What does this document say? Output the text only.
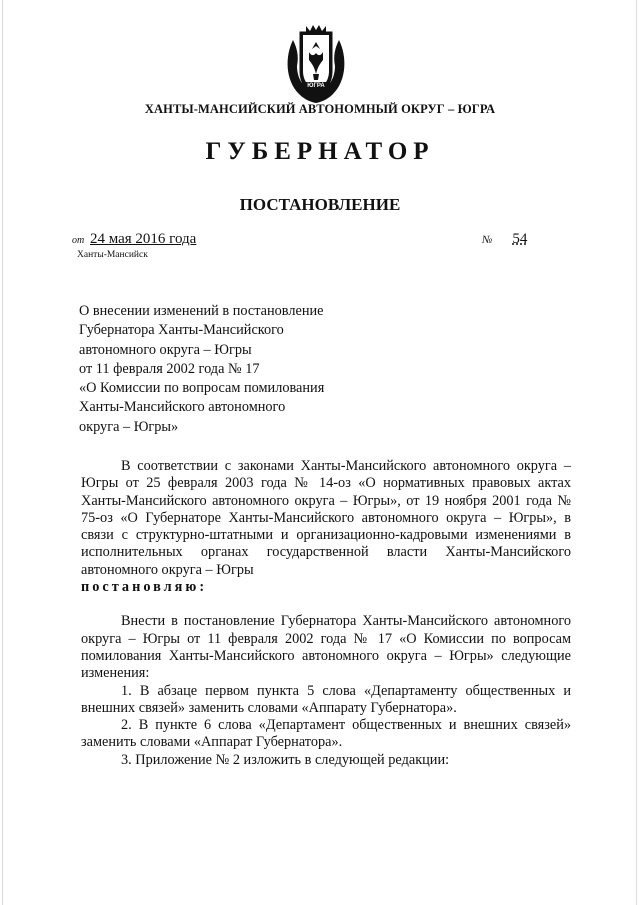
ЮГРА
ХАНТЫ-МАНСИЙСКИЙ АВТОНОМНЫЙ ОКРУГ – ЮГРА
ГУБЕРНАТОР
ПОСТАНОВЛЕНИЕ
от 24 мая 2016 года	№ 54
Ханты-Мансийск
О внесении изменений в постановление
Губернатора Ханты-Мансийского
автономного округа – Югры
от 11 февраля 2002 года № 17
«О Комиссии по вопросам помилования
Ханты-Мансийского автономного
округа – Югры»

В соответствии с законами Ханты-Мансийского автономного округа – Югры от 25 февраля 2003 года № 14-оз «О нормативных правовых актах Ханты-Мансийского автономного округа – Югры», от 19 ноября 2001 года № 75-оз «О Губернаторе Ханты-Мансийского автономного округа – Югры», в связи с структурно-штатными и организационно-кадровыми изменениями в исполнительных органах государственной власти Ханты-Мансийского автономного округа – Югры

постановляю:

Внести в постановление Губернатора Ханты-Мансийского автономного округа – Югры от 11 февраля 2002 года № 17 «О Комиссии по вопросам помилования Ханты-Мансийского автономного округа – Югры» следующие изменения:

1. В абзаце первом пункта 5 слова «Департаменту общественных и внешних связей» заменить словами «Аппарату Губернатора».

2. В пункте 6 слова «Департамент общественных и внешних связей» заменить словами «Аппарат Губернатора».

3. Приложение № 2 изложить в следующей редакции:
